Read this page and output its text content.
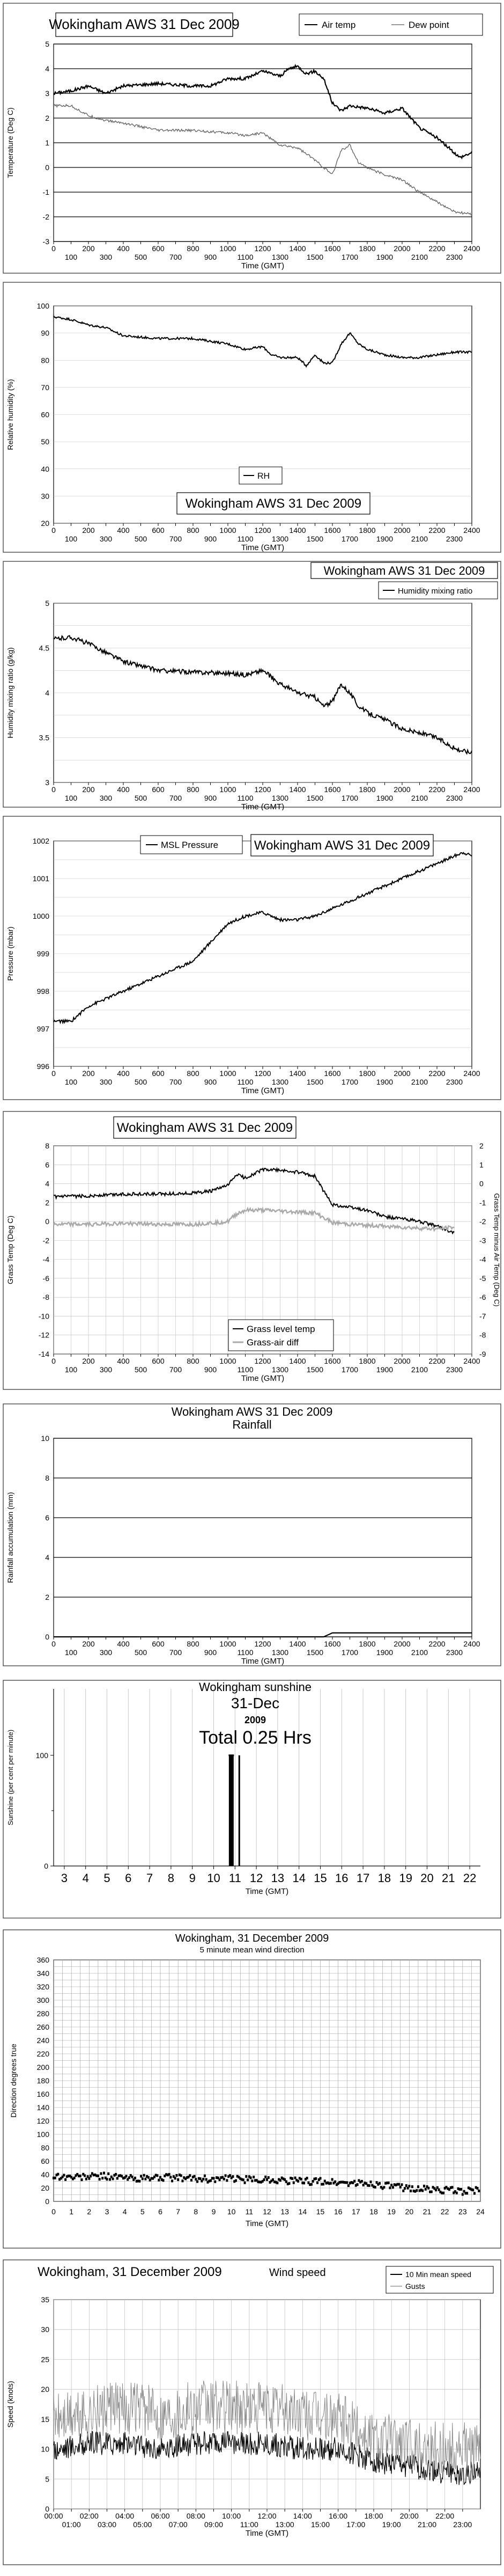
5
4
3
2
1
0
-1
-2
-3
0	200	400	600	800	1000 1200 1400 1600 1800 2000 2200 2400
100	300	500	700	900	1100 1300 1500 1700 1900 2100 2300
Time (GMT)
Temperature (Deg C)
Wokingham AWS 31 Dec 2009	Air temp	Dew point
100
90
80
70
60
50
40
30
20
0	200	400	600	800	1000 1200 1400 1600 1800 2000 2200 2400
100	300	500	700	900	1100 1300 1500 1700 1900 2100 2300
Time (GMT)
Relative humidity (%)
RH
Wokingham AWS 31 Dec 2009
5
4.5
4
3.5
3
0	200	400	600	800	1000 1200 1400 1600 1800 2000 2200 2400
100	300	500	700	900	1100 1300 1500 1700 1900 2100 2300
Time (GMT)
Humidity mixing ratio (g/kg)
Wokingham AWS 31 Dec 2009
Humidity mixing ratio
1002
1001
1000
999
998
997
996
0	200	400	600	800	1000 1200 1400 1600 1800 2000 2200 2400
100	300	500	700	900	1100 1300 1500 1700 1900 2100 2300
Time (GMT)
Pressure (mbar)
MSL Pressure	Wokingham AWS 31 Dec 2009
8
6
4
2
0
-2
-4
-6
-8
-10
-12
-14
0	200	400	600	800	1000 1200 1400 1600 1800 2000 2200 2400
100	300	500	700	900	1100 1300 1500 1700 1900 2100 2300
Time (GMT)
Grass Temp (Deg C)
2
1
0
-1
-2
-3
-4
-5
-6
-7
-8
-9
Grass Temp minus Air Temp (Deg C)
Wokingham AWS 31 Dec 2009
Grass level temp
Grass-air diff
10
8
6
4
2
0
0	200	400	600	800	1000 1200 1400 1600 1800 2000 2200 2400
100	300	500	700	900	1100 1300 1500 1700 1900 2100 2300
Time (GMT)
Rainfall accumulation (mm)
Wokingham AWS 31 Dec 2009
Rainfall
100
0
3 4 5 6 7 8 9 10 11 12 13 14 15 16 17 18 19 20 21 22
Time (GMT)
Sunshine (per cent per minute)
Wokingham sunshine
31-Dec
2009
Total 0.25 Hrs
360
340
320
300
280
260
240
220
200
180
160
140
120
100
80
60
40
20
0
0 1 2 3 4 5 6 7 8 9 10 11 12 13 14 15 16 17 18 19 20 21 22 23 24
Time (GMT)
Direction degrees true
Wokingham, 31 December 2009
5 minute mean wind direction
35
30
25
20
15
10
5
0
00:00 02:00 04:00 06:00 08:00 10:00 12:00 14:00 16:00 18:00 20:00 22:00
01:00 03:00 05:00 07:00 09:00 11:00 13:00 15:00 17:00 19:00 21:00 23:00
Time (GMT)
Speed (knots)
Wokingham, 31 December 2009	Wind speed	10 Min mean speed
Gusts
